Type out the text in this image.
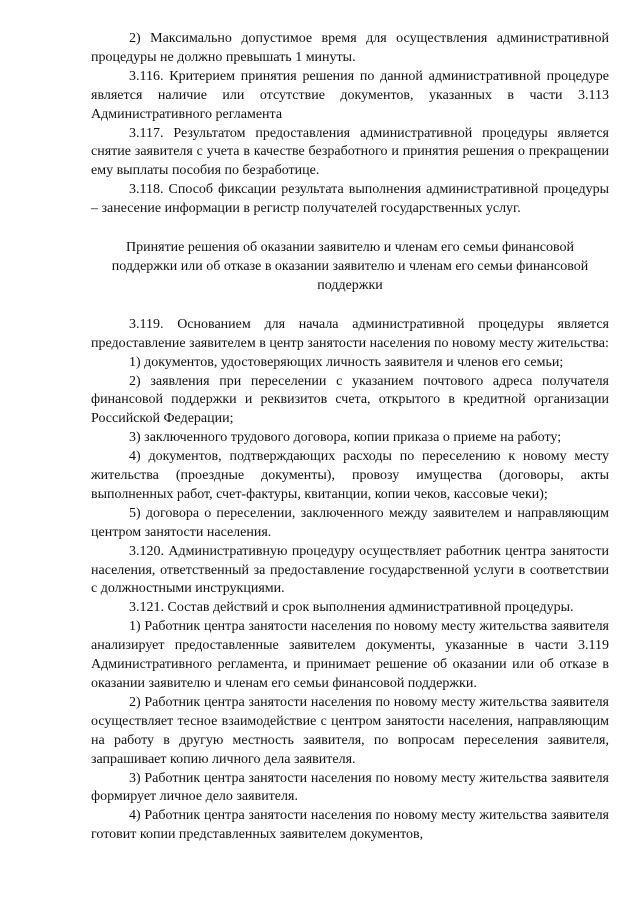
2) Максимально допустимое время для осуществления административной процедуры не должно превышать 1 минуты.

3.116. Критерием принятия решения по данной административной процедуре является наличие или отсутствие документов, указанных в части 3.113 Административного регламента

3.117. Результатом предоставления административной процедуры является снятие заявителя с учета в качестве безработного и принятия решения о прекращении ему выплаты пособия по безработице.

3.118. Способ фиксации результата выполнения административной процедуры – занесение информации в регистр получателей государственных услуг.

Принятие решения об оказании заявителю и членам его семьи финансовой поддержки или об отказе в оказании заявителю и членам его семьи финансовой поддержки

3.119. Основанием для начала административной процедуры является предоставление заявителем в центр занятости населения по новому месту жительства:

1) документов, удостоверяющих личность заявителя и членов его семьи;

2) заявления при переселении с указанием почтового адреса получателя финансовой поддержки и реквизитов счета, открытого в кредитной организации Российской Федерации;

3) заключенного трудового договора, копии приказа о приеме на работу;

4) документов, подтверждающих расходы по переселению к новому месту жительства (проездные документы), провозу имущества (договоры, акты выполненных работ, счет-фактуры, квитанции, копии чеков, кассовые чеки);

5) договора о переселении, заключенного между заявителем и направляющим центром занятости населения.

3.120. Административную процедуру осуществляет работник центра занятости населения, ответственный за предоставление государственной услуги в соответствии с должностными инструкциями.

3.121. Состав действий и срок выполнения административной процедуры.

1) Работник центра занятости населения по новому месту жительства заявителя анализирует предоставленные заявителем документы, указанные в части 3.119 Административного регламента, и принимает решение об оказании или об отказе в оказании заявителю и членам его семьи финансовой поддержки.

2) Работник центра занятости населения по новому месту жительства заявителя осуществляет тесное взаимодействие с центром занятости населения, направляющим на работу в другую местность заявителя, по вопросам переселения заявителя, запрашивает копию личного дела заявителя.

3) Работник центра занятости населения по новому месту жительства заявителя формирует личное дело заявителя.

4) Работник центра занятости населения по новому месту жительства заявителя готовит копии представленных заявителем документов,
